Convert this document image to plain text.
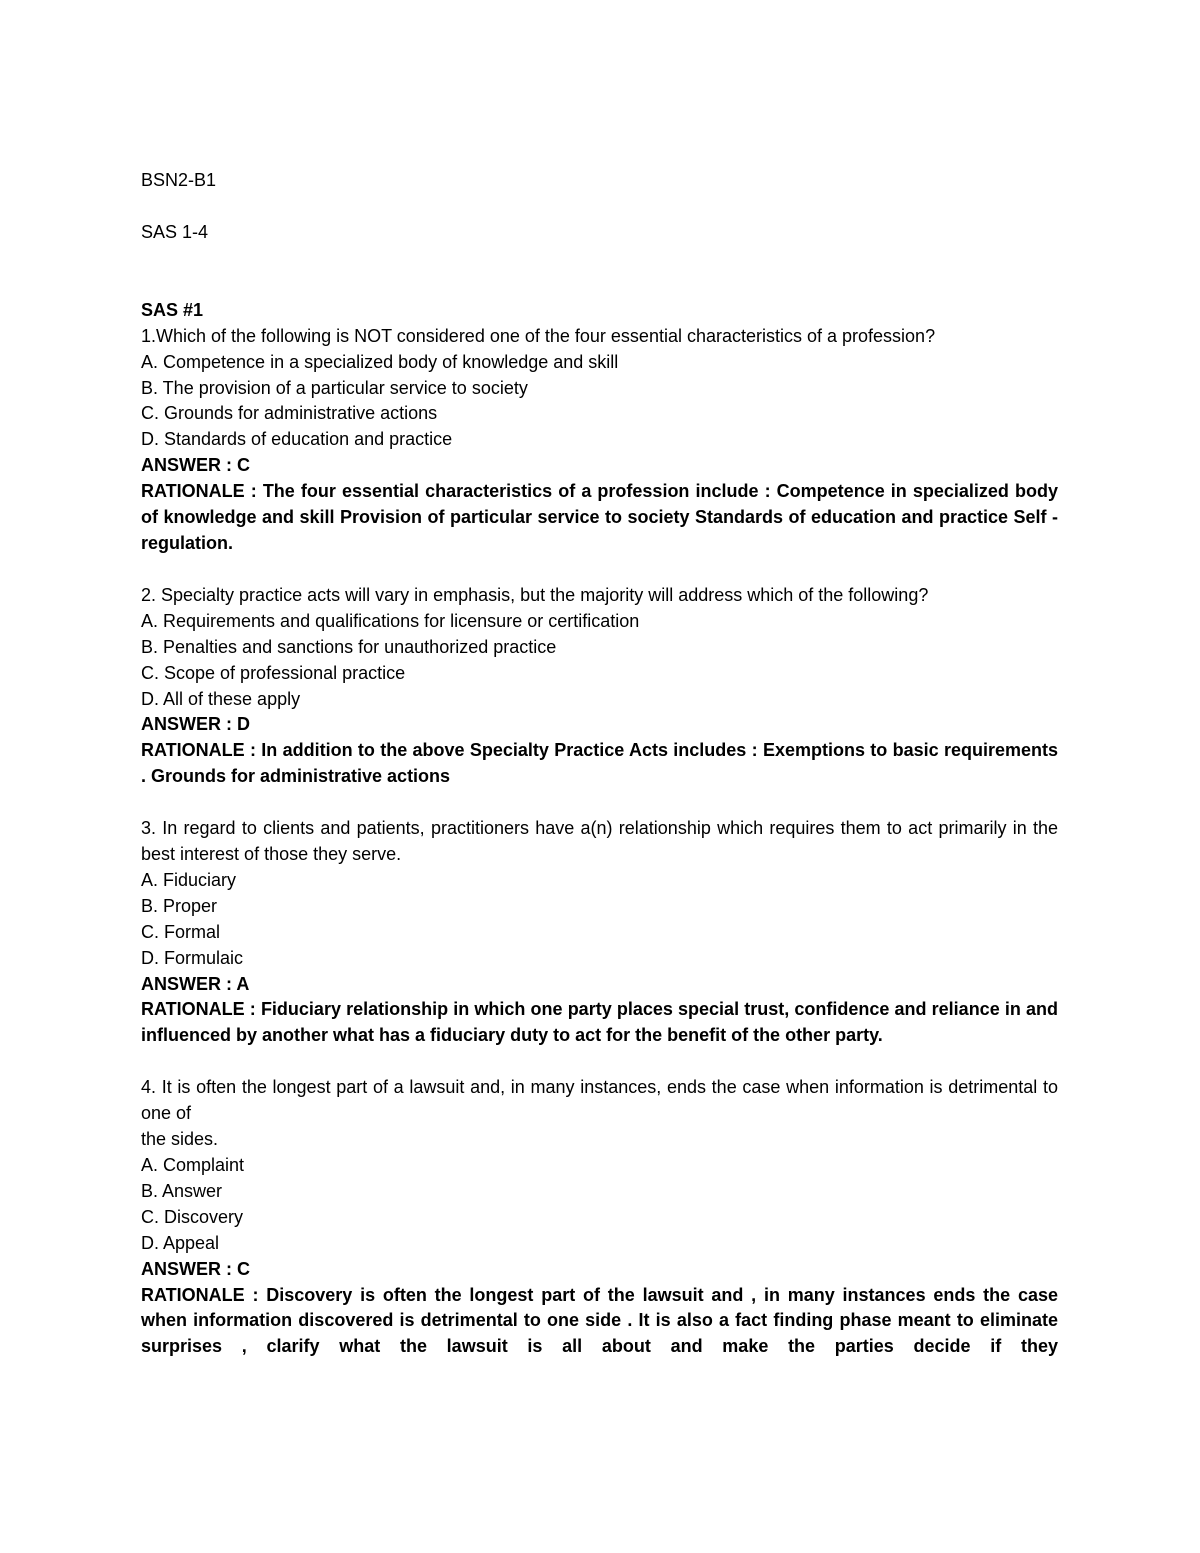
BSN2-B1
SAS 1-4
SAS #1
1.Which of the following is NOT considered one of the four essential characteristics of a profession?
A. Competence in a specialized body of knowledge and skill
B. The provision of a particular service to society
C. Grounds for administrative actions
D. Standards of education and practice
ANSWER : C
RATIONALE : The four essential characteristics of a profession include : Competence in specialized body of knowledge and skill Provision of particular service to society Standards of education and practice Self - regulation.
2. Specialty practice acts will vary in emphasis, but the majority will address which of the following?
A. Requirements and qualifications for licensure or certification
B. Penalties and sanctions for unauthorized practice
C. Scope of professional practice
D. All of these apply
ANSWER : D
RATIONALE : In addition to the above Specialty Practice Acts includes : Exemptions to basic requirements . Grounds for administrative actions
3. In regard to clients and patients, practitioners have a(n) relationship which requires them to act primarily in the best interest of those they serve.
A. Fiduciary
B. Proper
C. Formal
D. Formulaic
ANSWER : A
RATIONALE : Fiduciary relationship in which one party places special trust, confidence and reliance in and influenced by another what has a fiduciary duty to act for the benefit of the other party.
4. It is often the longest part of a lawsuit and, in many instances, ends the case when information is detrimental to one of
the sides.
A. Complaint
B. Answer
C. Discovery
D. Appeal
ANSWER : C
RATIONALE : Discovery is often the longest part of the lawsuit and , in many instances ends the case when information discovered is detrimental to one side . It is also a fact finding phase meant to eliminate surprises , clarify what the lawsuit is all about and make the parties decide if they
